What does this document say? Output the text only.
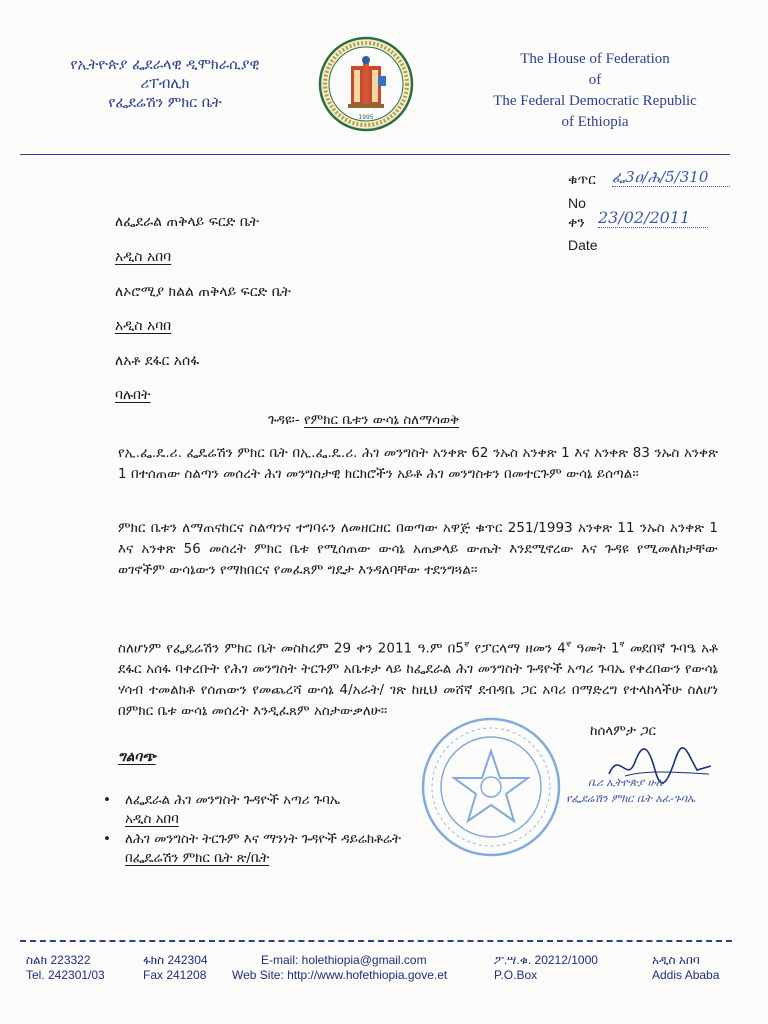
የኢትዮጵያ ፌደራላዊ ዲሞክራሲያዊ
ሪፐብሊክ
የፌደሬሽን ምክር ቤት
1995
The House of Federation
of
The Federal Democratic Republic
of Ethiopia
ቁጥር ፌ3ዐ/ሕ/5/310
No
ቀን 23/02/2011
Date
ለፌደራል ጠቅላይ ፍርድ ቤት
አዲስ አበባ
ለኦሮሚያ ክልል ጠቅላይ ፍርድ ቤት
አዲስ አባበ
ለአቶ ደፋር አሰፋ
ባሉበት
ጉዳዩ፡- የምክር ቤቱን ውሳኔ ስለማሳወቅ
የኢ.ፌ.ዴ.ሪ. ፌዴሬሽን ምክር ቤት በኢ.ፌ.ዴ.ሪ. ሕገ መንግስት አንቀጽ 62 ንኡስ አንቀጽ 1 እና አንቀጽ 83 ንኡስ አንቀጽ 1 በተሰጠው ስልጣን መሰረት ሕገ መንግስታዊ ክርክሮችን አይቶ ሕገ መንግስቱን በመተርጉም ውሳኔ ይሰጣል፡፡
ምክር ቤቱን ለማጠናከርና ስልጣንና ተግባሩን ለመዘርዘር በወጣው አዋጅ ቁጥር 251/1993 አንቀጽ 11 ንኡስ አንቀጽ 1 እና አንቀጽ 56 መሰረት ምክር ቤቱ የሚሰጠው ውሳኔ አጠቃላይ ውጤት እንደሚኖረው እና ጉዳዩ የሚመለከታቸው ወገኖችም ውሳኔውን የማክበርና የመፈጸም ግዴታ እንዳለባቸው ተደንግጓል፡፡
ስለሆነም የፌዴሬሽን ምክር ቤት መስከረም 29 ቀን 2011 ዓ.ም $በ5^ኛ$ የፓርላማ ዘመን $4^ኛ$ ዓመት $1^ኛ$ መደበኛ ጉባዔ አቶ ደፋር አሰፋ ባቀረቡት የሕገ መንግስት ትርጉም አቤቱታ ላይ ከፌደራል ሕገ መንግስት ጉዳዮች አጣሪ ጉባኤ የቀረበውን የውሳኔ ሃሳብ ተመልክቶ የሰጠውን የመጨረሻ ውሳኔ 4/አራት/ ገጽ ከዚህ መሸኛ ደብዳቤ ጋር አባሪ በማድረግ የተላከላችሁ ስለሆነ በምክር ቤቱ ውሳኔ መሰረት እንዲፈጸም አስታውቃለሁ፡፡
ከሰላምታ ጋር
ቤሪ ኢትዮጵያ ሁሉ
የፌደሬሽን ምክር ቤት አፈ-ጉባኤ
ግልባጭ
• ለፌደራል ሕገ መንግስት ጉዳዮች አጣሪ ጉባኤ
አዲስ አበባ
• ለሕገ መንግስት ትርጉም እና ማንነት ጉዳዮች ዳይሬክቶሬት
በፌዴሬሽን ምክር ቤት ጽ/ቤት
ስልክ 223322
Tel. 242301/03
ፋክስ 242304
Fax 241208
E-mail: holethiopia@gmail.com
Web Site: http://www.hofethiopia.gove.et
ፖ.ሣ.ቁ. 20212/1000
P.O.Box
አዲስ አበባ
Addis Ababa
